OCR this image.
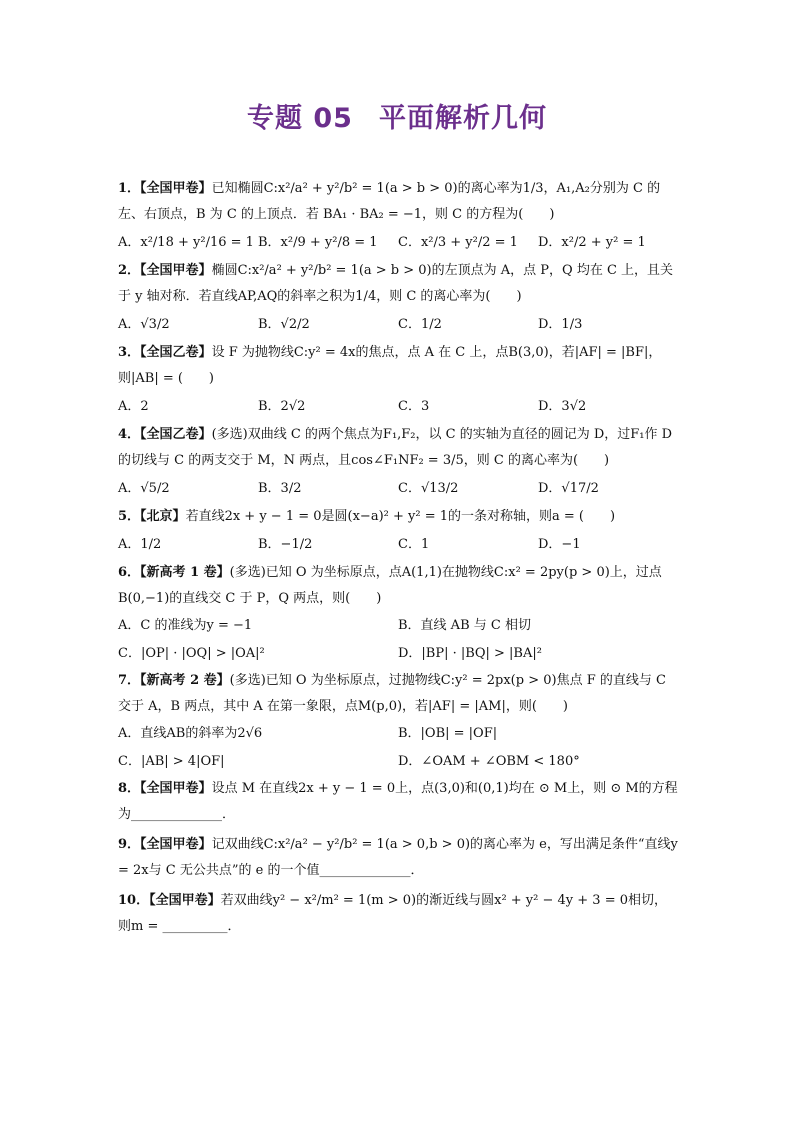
专题 05 平面解析几何
1．【全国甲卷】已知椭圆C:x²/a² + y²/b² = 1(a > b > 0)的离心率为1/3，A₁,A₂分别为 C 的左、右顶点，B 为 C 的上顶点．若 BA₁ · BA₂ = −1，则 C 的方程为(　　)
A．x²/18 + y²/16 = 1 B．x²/9 + y²/8 = 1	C．x²/3 + y²/2 = 1	D．x²/2 + y² = 1
2．【全国甲卷】椭圆C:x²/a² + y²/b² = 1(a > b > 0)的左顶点为 A，点 P，Q 均在 C 上，且关于 y 轴对称．若直线AP,AQ的斜率之积为1/4，则 C 的离心率为(　　)
A．√3/2	B．√2/2	C．1/2	D．1/3
3．【全国乙卷】设 F 为抛物线C:y² = 4x的焦点，点 A 在 C 上，点B(3,0)，若|AF| = |BF|，则|AB| = (　　)
A．2	B．2√2	C．3	D．3√2
4．【全国乙卷】(多选)双曲线 C 的两个焦点为F₁,F₂，以 C 的实轴为直径的圆记为 D，过F₁作 D 的切线与 C 的两支交于 M，N 两点，且cos∠F₁NF₂ = 3/5，则 C 的离心率为(　　)
A．√5/2	B．3/2	C．√13/2	D．√17/2
5．【北京】若直线2x + y − 1 = 0是圆(x−a)² + y² = 1的一条对称轴，则a = (　　)
A．1/2	B．−1/2	C．1	D．−1
6．【新高考 1 卷】(多选)已知 O 为坐标原点，点A(1,1)在抛物线C:x² = 2py(p > 0)上，过点B(0,−1)的直线交 C 于 P，Q 两点，则(　　)
A．C 的准线为y = −1	B．直线 AB 与 C 相切
C．|OP| · |OQ| > |OA|²	D．|BP| · |BQ| > |BA|²
7．【新高考 2 卷】(多选)已知 O 为坐标原点，过抛物线C:y² = 2px(p > 0)焦点 F 的直线与 C 交于 A，B 两点，其中 A 在第一象限，点M(p,0)，若|AF| = |AM|，则(　　)
A．直线AB的斜率为2√6	B．|OB| = |OF|
C．|AB| > 4|OF|	D．∠OAM + ∠OBM < 180°
8．【全国甲卷】设点 M 在直线2x + y − 1 = 0上，点(3,0)和(0,1)均在 ⊙ M上，则 ⊙ M的方程为______________．
9．【全国甲卷】记双曲线C:x²/a² − y²/b² = 1(a > 0,b > 0)的离心率为 e，写出满足条件“直线y = 2x与 C 无公共点”的 e 的一个值______________．
10．【全国甲卷】若双曲线y² − x²/m² = 1(m > 0)的渐近线与圆x² + y² − 4y + 3 = 0相切，则m = __________．
